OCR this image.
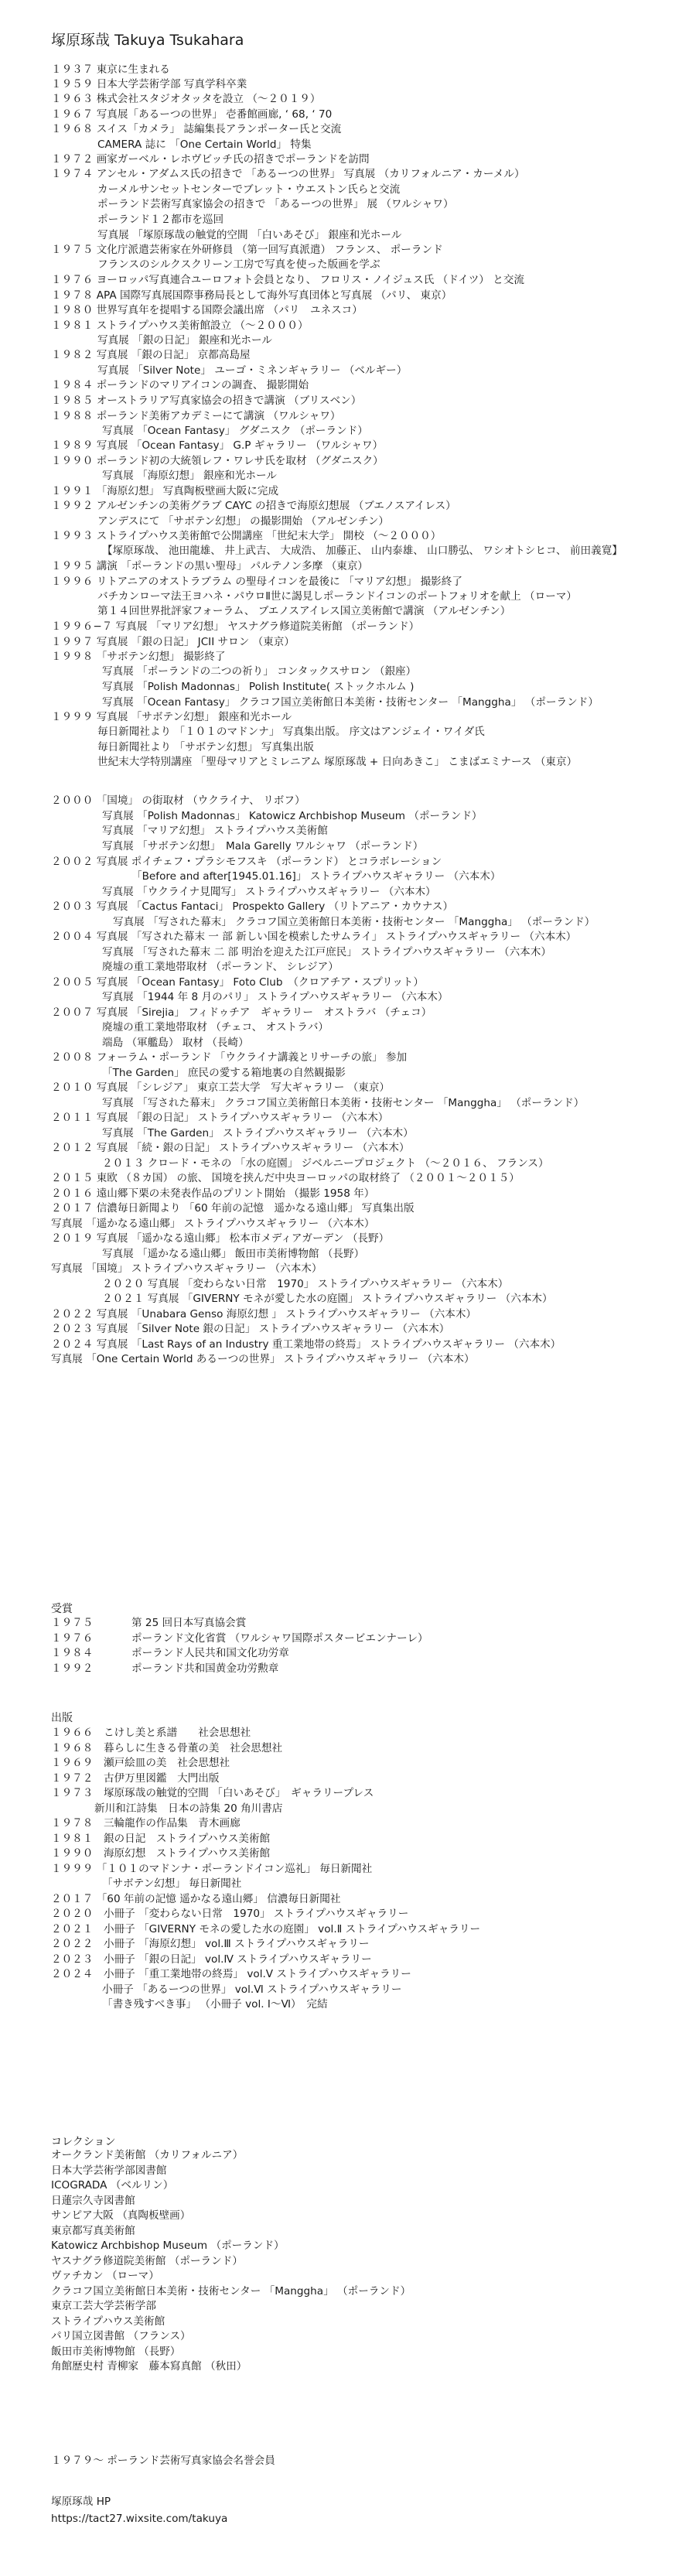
塚原琢哉 Takuya Tsukahara
１９３７ 東京に生まれる
１９５９ 日本大学芸術学部 写真学科卒業
１９６３ 株式会社スタジオタッタを設立 （～２０１９）
１９６７ 写真展「あるーつの世界」 壱番館画廊, ‘ 68, ‘ 70
１９６８ スイス「カメラ」 誌編集長アランポーター氏と交流
CAMERA 誌に 「One Certain World」 特集
１９７２ 画家ガーベル・レホヴビッチ氏の招きでポーランドを訪問
１９７４ アンセル・アダムス氏の招きで 「あるーつの世界」 写真展 （カリフォルニア・カーメル）
カーメルサンセットセンターでブレット・ウエストン氏らと交流
ポーランド芸術写真家協会の招きで 「あるーつの世界」 展 （ワルシャワ）
ポーランド１２都市を巡回
写真展 「塚原琢哉の触覚的空間 「白いあそび」 銀座和光ホール
１９７５ 文化庁派遣芸術家在外研修員 （第一回写真派遣） フランス、 ポーランド
フランスのシルクスクリーン工房で写真を使った版画を学ぶ
１９７６ ヨーロッパ写真連合ユーロフォト会員となり、 フロリス・ノイジュス氏 （ドイツ） と交流
１９７８ APA 国際写真展国際事務局長として海外写真団体と写真展 （パリ、 東京）
１９８０ 世界写真年を提唱する国際会議出席 （パリ　ユネスコ）
１９８１ ストライプハウス美術館設立 （～２０００）
写真展 「銀の日記」 銀座和光ホール
１９８２ 写真展 「銀の日記」 京都高島屋
写真展 「Silver Note」 ユーゴ・ミネンギャラリー （ベルギー）
１９８４ ポーランドのマリアイコンの調査、 撮影開始
１９８５ オーストラリア写真家協会の招きで講演 （ブリスベン）
１９８８ ポーランド美術アカデミーにて講演 （ワルシャワ）
写真展 「Ocean Fantasy」 グダニスク （ポーランド）
１９８９ 写真展 「Ocean Fantasy」 G.P ギャラリー （ワルシャワ）
１９９０ ポーランド初の大統領レフ・ワレサ氏を取材 （グダニスク）
写真展 「海原幻想」 銀座和光ホール
１９９１ 「海原幻想」 写真陶板壁画大阪に完成
１９９２ アルゼンチンの美術グラブ CAYC の招きで海原幻想展 （ブエノスアイレス）
アンデスにて 「サボテン幻想」 の撮影開始 （アルゼンチン）
１９９３ ストライプハウス美術館で公開講座 「世紀末大学」 開校 （～２０００）
【塚原琢哉、 池田龍雄、 井上武吉、 大成浩、 加藤正、 山内泰雄、 山口勝弘、 ワシオトシヒコ、 前田義寛】
１９９５ 講演 「ポーランドの黒い聖母」 パルテノン多摩 （東京）
１９９６ リトアニアのオストラブラム の聖母イコンを最後に 「マリア幻想」 撮影終了
バチカンローマ法王ヨハネ・パウロⅡ世に謁見しポーランドイコンのポートフォリオを献上 （ローマ）
第１４回世界批評家フォーラム、 ブエノスアイレス国立美術館で講演 （アルゼンチン）
１９９６−７ 写真展 「マリア幻想」 ヤスナグラ修道院美術館 （ポーランド）
１９９７ 写真展 「銀の日記」 JCII サロン （東京）
１９９８ 「サボテン幻想」 撮影終了
写真展 「ポーランドの二つの祈り」 コンタックスサロン （銀座）
写真展 「Polish Madonnas」 Polish Institute( ストックホルム )
写真展 「Ocean Fantasy」 クラコフ国立美術館日本美術・技術センター 「Manggha」 （ポーランド）
１９９９ 写真展 「サボテン幻想」 銀座和光ホール
毎日新聞社より 「１０１のマドンナ」 写真集出版。 序文はアンジェイ・ワイダ氏
毎日新聞社より 「サボテン幻想」 写真集出版
世紀末大学特別講座 「聖母マリアとミレニアム 塚原琢哉 + 日向あきこ」 こまばエミナース （東京）
２０００ 「国境」 の街取材 （ウクライナ、 リボフ）
写真展 「Polish Madonnas」 Katowicz Archbishop Museum （ポーランド）
写真展 「マリア幻想」 ストライプハウス美術館
写真展 「サボテン幻想」　Mala Garelly ワルシャワ （ポーランド）
２００２ 写真展 ポイチェフ・プラシモフスキ （ポーランド） とコラボレーション
「Before and after[1945.01.16]」 ストライプハウスギャラリー （六本木）
写真展 「ウクライナ見聞写」 ストライプハウスギャラリー （六本木）
２００３ 写真展 「Cactus Fantaci」 Prospekto Gallery （リトアニア・カウナス）
写真展 「写された幕末」 クラコフ国立美術館日本美術・技術センター 「Manggha」 （ポーランド）
２００４ 写真展 「写された幕末 一 部 新しい国を模索したサムライ」 ストライプハウスギャラリー （六本木）
写真展 「写された幕末 二 部 明治を迎えた江戸庶民」 ストライプハウスギャラリー （六本木）
廃墟の重工業地帯取材 （ポーランド、 シレジア）
２００５ 写真展 「Ocean Fantasy」 Foto Club　（クロアチア・スプリット）
写真展 「1944 年 8 月のパリ」 ストライプハウスギャラリー （六本木）
２００７ 写真展 「Sirejia」 フィドゥチア　ギャラリー　オストラバ （チェコ）
廃墟の重工業地帯取材 （チェコ、 オストラバ）
端島 （軍艦島） 取材 （長崎）
２００８ フォーラム・ポーランド 「ウクライナ講義とリサーチの旅」 参加
「The Garden」 庶民の愛する箱地裏の自然観撮影
２０１０ 写真展 「シレジア」 東京工芸大学　写大ギャラリー （東京）
写真展 「写された幕末」 クラコフ国立美術館日本美術・技術センター 「Manggha」 （ポーランド）
２０１１ 写真展 「銀の日記」 ストライプハウスギャラリー （六本木）
写真展 「The Garden」 ストライプハウスギャラリー （六本木）
２０１２ 写真展 「続・銀の日記」 ストライプハウスギャラリー （六本木）
２０１３ クロード・モネの 「水の庭園」 ジベルニープロジェクト （～２０１６、 フランス）
２０１５ 東欧 （８カ国） の旅、 国境を挟んだ中央ヨーロッパの取材終了 （２００１～２０１５）
２０１６ 遠山郷下栗の未発表作品のプリント開始 （撮影 1958 年）
２０１７ 信濃毎日新聞より 「60 年前の記憶　遥かなる遠山郷」 写真集出版
写真展 「遥かなる遠山郷」 ストライプハウスギャラリー （六本木）
２０１９ 写真展 「遥かなる遠山郷」 松本市メディアガーデン （長野）
写真展 「遥かなる遠山郷」 飯田市美術博物館 （長野）
写真展 「国境」 ストライプハウスギャラリー （六本木）
２０２０ 写真展 「変わらない日常　1970」 ストライプハウスギャラリー （六本木）
２０２１ 写真展 「GIVERNY モネが愛した水の庭園」 ストライプハウスギャラリー （六本木）
２０２２ 写真展 「Unabara Genso 海原幻想 」 ストライプハウスギャラリー （六本木）
２０２３ 写真展 「Silver Note 銀の日記」 ストライプハウスギャラリー （六本木）
２０２４ 写真展 「Last Rays of an Industry 重工業地帯の終焉」 ストライプハウスギャラリー （六本木）
写真展 「One Certain World あるーつの世界」 ストライプハウスギャラリー （六本木）
受賞
１９７５	第 25 回日本写真協会賞
１９７６	ポーランド文化省賞 （ワルシャワ国際ポスタービエンナーレ）
１９８４	ポーランド人民共和国文化功労章
１９９２	ポーランド共和国黄金功労勲章
出版
１９６６　こけし美と系譜　　社会思想社
１９６８　暮らしに生きる骨董の美　社会思想社
１９６９　瀬戸絵皿の美　社会思想社
１９７２　古伊万里図鑑　大門出版
１９７３　塚原琢哉の触覚的空間 「白いあそび」　ギャラリープレス
新川和江詩集　日本の詩集 20 角川書店
１９７８　三輪龍作の作品集　青木画廊
１９８１　銀の日記　ストライプハウス美術館
１９９０　海原幻想　ストライプハウス美術館
１９９９ 「１０１のマドンナ・ポーランドイコン巡礼」 毎日新聞社
「サボテン幻想」 毎日新聞社
２０１７ 「60 年前の記憶 遥かなる遠山郷」 信濃毎日新聞社
２０２０　小冊子 「変わらない日常　1970」 ストライプハウスギャラリー
２０２１　小冊子 「GIVERNY モネの愛した水の庭園」 vol.Ⅱ ストライプハウスギャラリー
２０２２　小冊子 「海原幻想」 vol.Ⅲ ストライプハウスギャラリー
２０２３　小冊子 「銀の日記」 vol.Ⅳ ストライプハウスギャラリー
２０２４　小冊子 「重工業地帯の終焉」 vol.Ⅴ ストライプハウスギャラリー
小冊子 「あるーつの世界」 vol.Ⅵ ストライプハウスギャラリー
「書き残すべき事」 （小冊子 vol. Ⅰ～Ⅵ）　完結
コレクション
オークランド美術館 （カリフォルニア）
日本大学芸術学部図書館
ICOGRADA （ベルリン）
日蓮宗久寺図書館
サンピア大阪 （真陶板壁画）
東京都写真美術館
Katowicz Archbishop Museum （ポーランド）
ヤスナグラ修道院美術館 （ポーランド）
ヴァチカン （ローマ）
クラコフ国立美術館日本美術・技術センター 「Manggha」 （ポーランド）
東京工芸大学芸術学部
ストライプハウス美術館
パリ国立図書館 （フランス）
飯田市美術博物館 （長野）
角館歴史村 青柳家　藤本寫真館 （秋田）
１９７９～ ポーランド芸術写真家協会名誉会員
塚原琢哉 HP
https://tact27.wixsite.com/takuya
